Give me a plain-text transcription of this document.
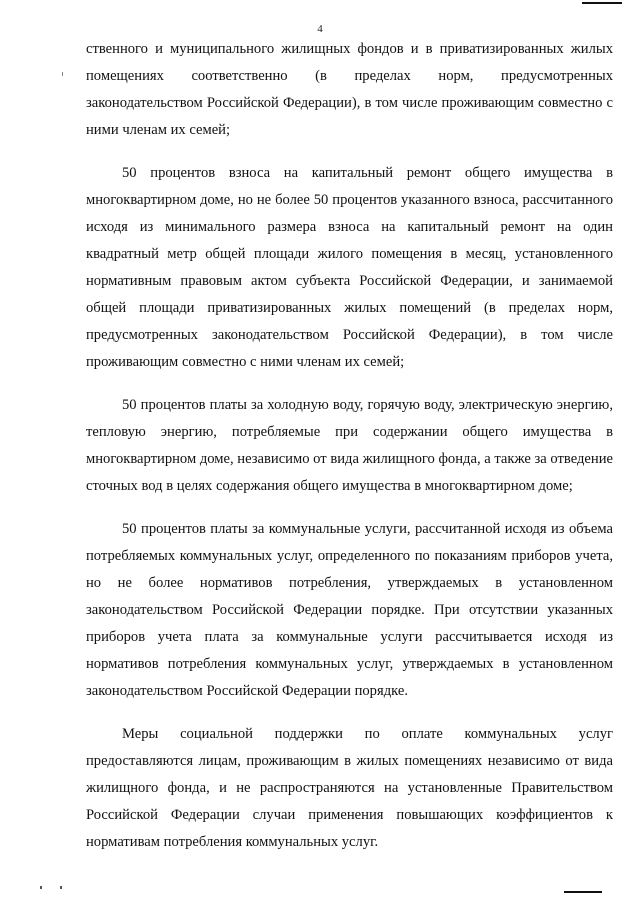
4

ственного и муниципального жилищных фондов и в приватизированных жилых помещениях соответственно (в пределах норм, предусмотренных законодательством Российской Федерации), в том числе проживающим совместно с ними членам их семей;

50 процентов взноса на капитальный ремонт общего имущества в многоквартирном доме, но не более 50 процентов указанного взноса, рассчитанного исходя из минимального размера взноса на капитальный ремонт на один квадратный метр общей площади жилого помещения в месяц, установленного нормативным правовым актом субъекта Российской Федерации, и занимаемой общей площади приватизированных жилых помещений (в пределах норм, предусмотренных законодательством Российской Федерации), в том числе проживающим совместно с ними членам их семей;

50 процентов платы за холодную воду, горячую воду, электрическую энергию, тепловую энергию, потребляемые при содержании общего имущества в многоквартирном доме, независимо от вида жилищного фонда, а также за отведение сточных вод в целях содержания общего имущества в многоквартирном доме;

50 процентов платы за коммунальные услуги, рассчитанной исходя из объема потребляемых коммунальных услуг, определенного по показаниям приборов учета, но не более нормативов потребления, утверждаемых в установленном законодательством Российской Федерации порядке. При отсутствии указанных приборов учета плата за коммунальные услуги рассчитывается исходя из нормативов потребления коммунальных услуг, утверждаемых в установленном законодательством Российской Федерации порядке.

Меры социальной поддержки по оплате коммунальных услуг предоставляются лицам, проживающим в жилых помещениях независимо от вида жилищного фонда, и не распространяются на установленные Правительством Российской Федерации случаи применения повышающих коэффициентов к нормативам потребления коммунальных услуг.
